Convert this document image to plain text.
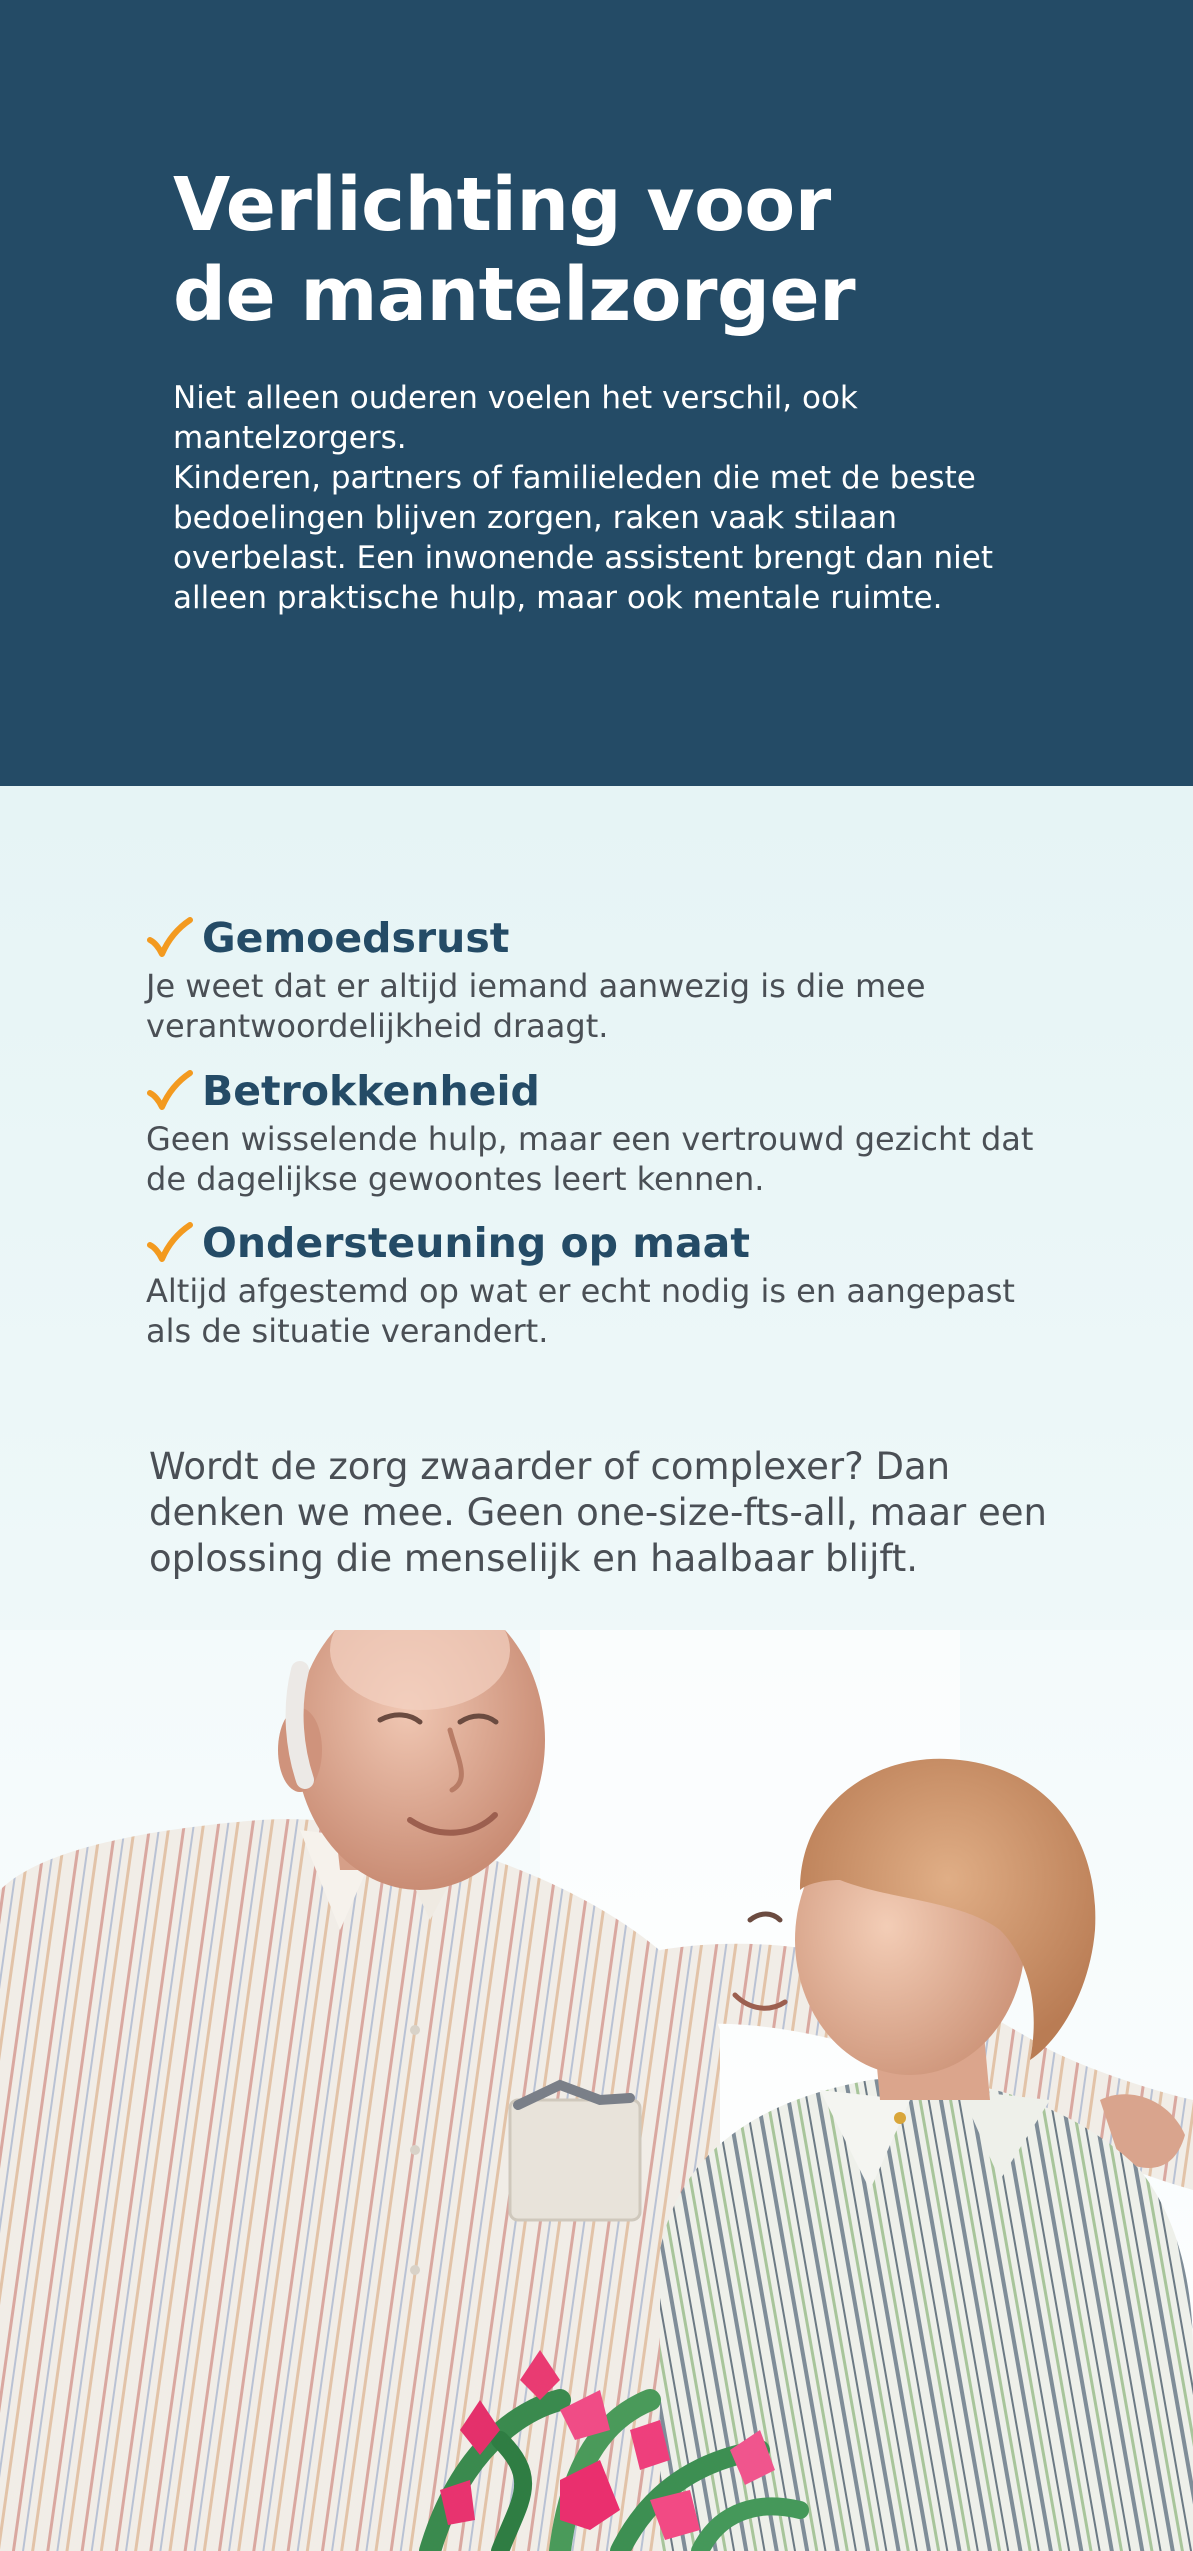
Verlichting voor
de mantelzorger

Niet alleen ouderen voelen het verschil, ook
mantelzorgers.
Kinderen, partners of familieleden die met de beste
bedoelingen blijven zorgen, raken vaak stilaan
overbelast. Een inwonende assistent brengt dan niet
alleen praktische hulp, maar ook mentale ruimte.

Gemoedsrust
Je weet dat er altijd iemand aanwezig is die mee
verantwoordelijkheid draagt.
Betrokkenheid
Geen wisselende hulp, maar een vertrouwd gezicht dat
de dagelijkse gewoontes leert kennen.
Ondersteuning op maat
Altijd afgestemd op wat er echt nodig is en aangepast
als de situatie verandert.

Wordt de zorg zwaarder of complexer? Dan
denken we mee. Geen one-size-fts-all, maar een
oplossing die menselijk en haalbaar blijft.
